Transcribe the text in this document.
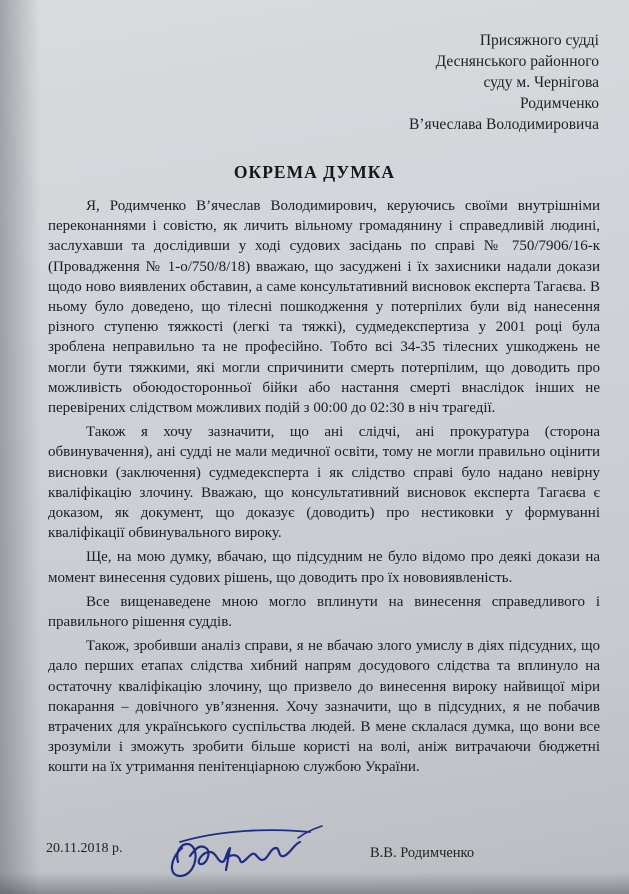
Присяжного судді
Деснянського районного
суду м. Чернігова
Родимченко
В’ячеслава Володимировича
ОКРЕМА ДУМКА

Я, Родимченко В’ячеслав Володимирович, керуючись своїми внутрішніми переконаннями і совістю, як личить вільному громадянину і справедливій людині, заслухавши та дослідивши у ході судових засідань по справі № 750/7906/16-к (Провадження № 1-о/750/8/18) вважаю, що засуджені і їх захисники надали докази щодо ново виявлених обставин, а саме консультативний висновок експерта Тагаєва. В ньому було доведено, що тілесні пошкодження у потерпілих були від нанесення різного ступеню тяжкості (легкі та тяжкі), судмедекспертиза у 2001 році була зроблена неправильно та не професійно. Тобто всі 34-35 тілесних ушкоджень не могли бути тяжкими, які могли спричинити смерть потерпілим, що доводить про можливість обоюдосторонньої бійки або настання смерті внаслідок інших не перевірених слідством можливих подій з 00:00 до 02:30 в ніч трагедії.

Також я хочу зазначити, що ані слідчі, ані прокуратура (сторона обвинувачення), ані судді не мали медичної освіти, тому не могли правильно оцінити висновки (заключення) судмедексперта і як слідство справі було надано невірну кваліфікацію злочину. Вважаю, що консультативний висновок експерта Тагаєва є доказом, як документ, що доказує (доводить) про нестиковки у формуванні кваліфікації обвинувального вироку.

Ще, на мою думку, вбачаю, що підсудним не було відомо про деякі докази на момент винесення судових рішень, що доводить про їх нововиявленість.

Все вищенаведене мною могло вплинути на винесення справедливого і правильного рішення суддів.

Також, зробивши аналіз справи, я не вбачаю злого умислу в діях підсудних, що дало перших етапах слідства хибний напрям досудового слідства та вплинуло на остаточну кваліфікацію злочину, що призвело до винесення вироку найвищої міри покарання – довічного ув’язнення. Хочу зазначити, що в підсудних, я не побачив втрачених для українського суспільства людей. В мене склалася думка, що вони все зрозуміли і зможуть зробити більше користі на волі, аніж витрачаючи бюджетні кошти на їх утримання пенітенціарною службою України.

20.11.2018 р.	В.В. Родимченко
